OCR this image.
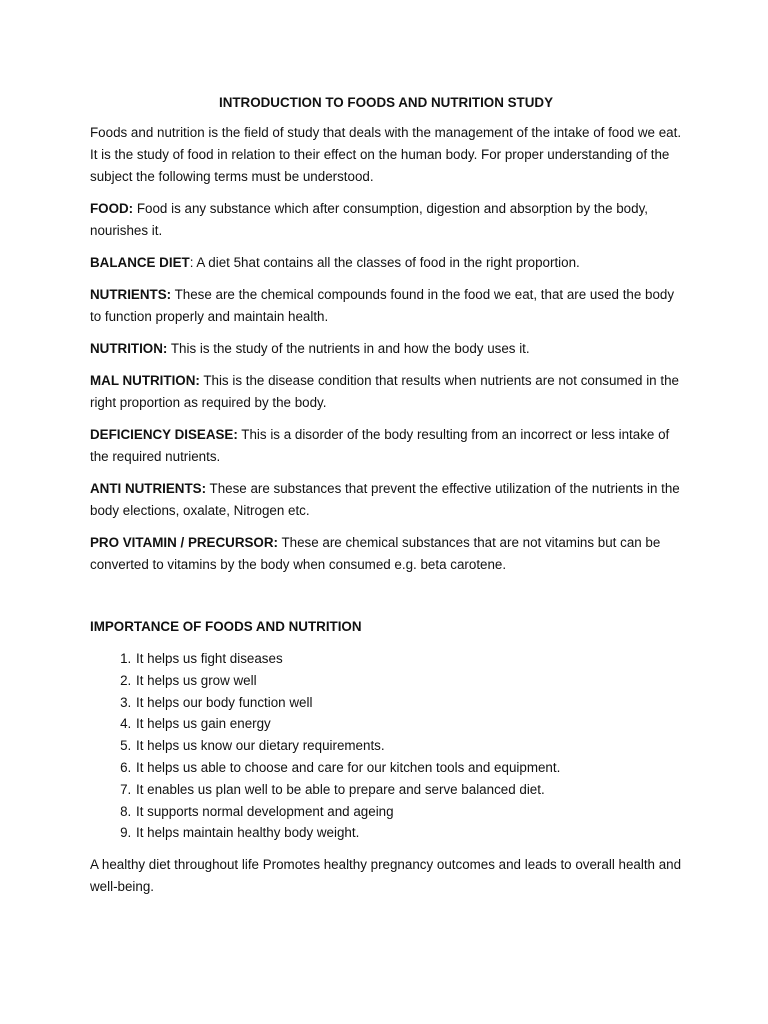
INTRODUCTION TO FOODS AND NUTRITION STUDY

Foods and nutrition is the field of study that deals with the management of the intake of food we eat. It is the study of food in relation to their effect on the human body. For proper understanding of the subject the following terms must be understood.

FOOD: Food is any substance which after consumption, digestion and absorption by the body, nourishes it.

BALANCE DIET: A diet 5hat contains all the classes of food in the right proportion.

NUTRIENTS: These are the chemical compounds found in the food we eat, that are used the body to function properly and maintain health.

NUTRITION: This is the study of the nutrients in and how the body uses it.

MAL NUTRITION: This is the disease condition that results when nutrients are not consumed in the right proportion as required by the body.

DEFICIENCY DISEASE: This is a disorder of the body resulting from an incorrect or less intake of the required nutrients.

ANTI NUTRIENTS: These are substances that prevent the effective utilization of the nutrients in the body elections, oxalate, Nitrogen etc.

PRO VITAMIN / PRECURSOR: These are chemical substances that are not vitamins but can be converted to vitamins by the body when consumed e.g. beta carotene.

IMPORTANCE OF FOODS AND NUTRITION
1. It helps us fight diseases
2. It helps us grow well
3. It helps our body function well
4. It helps us gain energy
5. It helps us know our dietary requirements.
6. It helps us able to choose and care for our kitchen tools and equipment.
7. It enables us plan well to be able to prepare and serve balanced diet.
8. It supports normal development and ageing
9. It helps maintain healthy body weight.

A healthy diet throughout life Promotes healthy pregnancy outcomes and leads to overall health and well-being.
